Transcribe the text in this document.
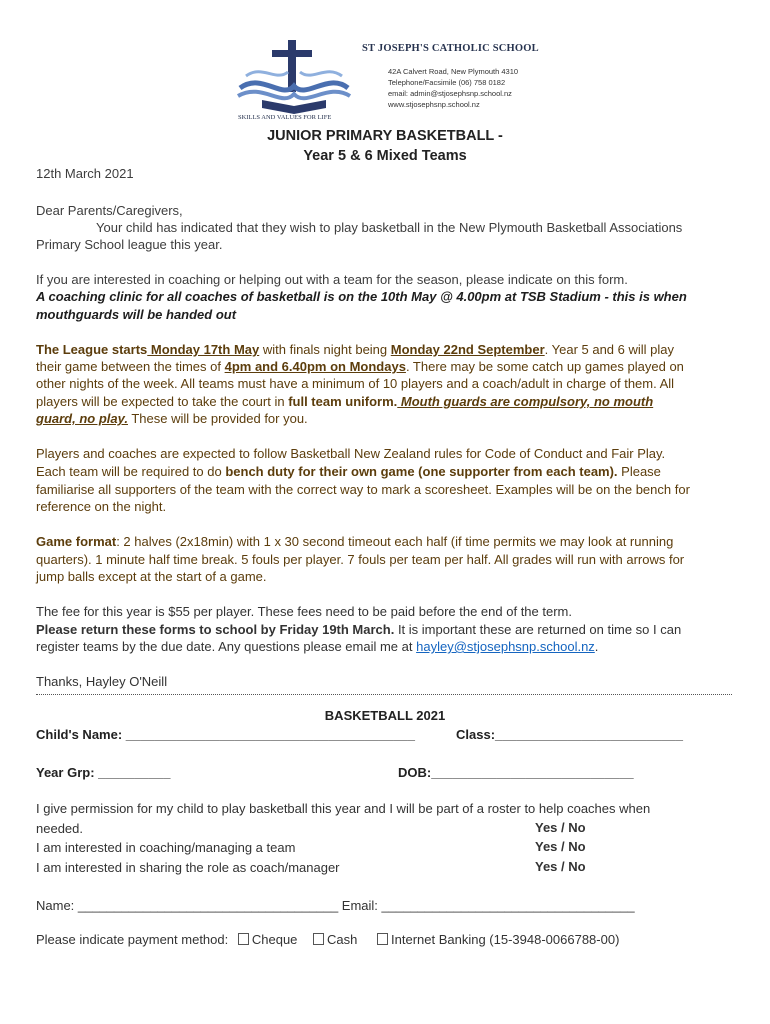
SKILLS AND VALUES FOR LIFE
ST JOSEPH'S CATHOLIC SCHOOL
42A Calvert Road, New Plymouth 4310
Telephone/Facsimile (06) 758 0182
email: admin@stjosephsnp.school.nz
www.stjosephsnp.school.nz
JUNIOR PRIMARY BASKETBALL -
Year 5 & 6 Mixed Teams
12th March 2021
Dear Parents/Caregivers,
Your child has indicated that they wish to play basketball in the New Plymouth Basketball Associations
Primary School league this year.
If you are interested in coaching or helping out with a team for the season, please indicate on this form.
A coaching clinic for all coaches of basketball is on the 10th May @ 4.00pm at TSB Stadium - this is when
mouthguards will be handed out
The League starts Monday 17th May with finals night being Monday 22nd September. Year 5 and 6 will play
their game between the times of 4pm and 6.40pm on Mondays. There may be some catch up games played on
other nights of the week. All teams must have a minimum of 10 players and a coach/adult in charge of them. All
players will be expected to take the court in full team uniform. Mouth guards are compulsory, no mouth
guard, no play. These will be provided for you.
Players and coaches are expected to follow Basketball New Zealand rules for Code of Conduct and Fair Play.
Each team will be required to do bench duty for their own game (one supporter from each team). Please
familiarise all supporters of the team with the correct way to mark a scoresheet. Examples will be on the bench for
reference on the night.
Game format: 2 halves (2x18min) with 1 x 30 second timeout each half (if time permits we may look at running
quarters). 1 minute half time break. 5 fouls per player. 7 fouls per team per half. All grades will run with arrows for
jump balls except at the start of a game.
The fee for this year is $55 per player. These fees need to be paid before the end of the term.
Please return these forms to school by Friday 19th March. It is important these are returned on time so I can
register teams by the due date. Any questions please email me at hayley@stjosephsnp.school.nz.
Thanks, Hayley O'Neill
BASKETBALL 2021
Child's Name: ________________________________________	Class:__________________________
Year Grp: __________	DOB:____________________________
I give permission for my child to play basketball this year and I will be part of a roster to help coaches when
needed.	Yes / No
I am interested in coaching/managing a team	Yes / No
I am interested in sharing the role as coach/manager	Yes / No
Name: ____________________________________ Email: ___________________________________
Please indicate payment method: Cheque Cash	Internet Banking (15-3948-0066788-00)
